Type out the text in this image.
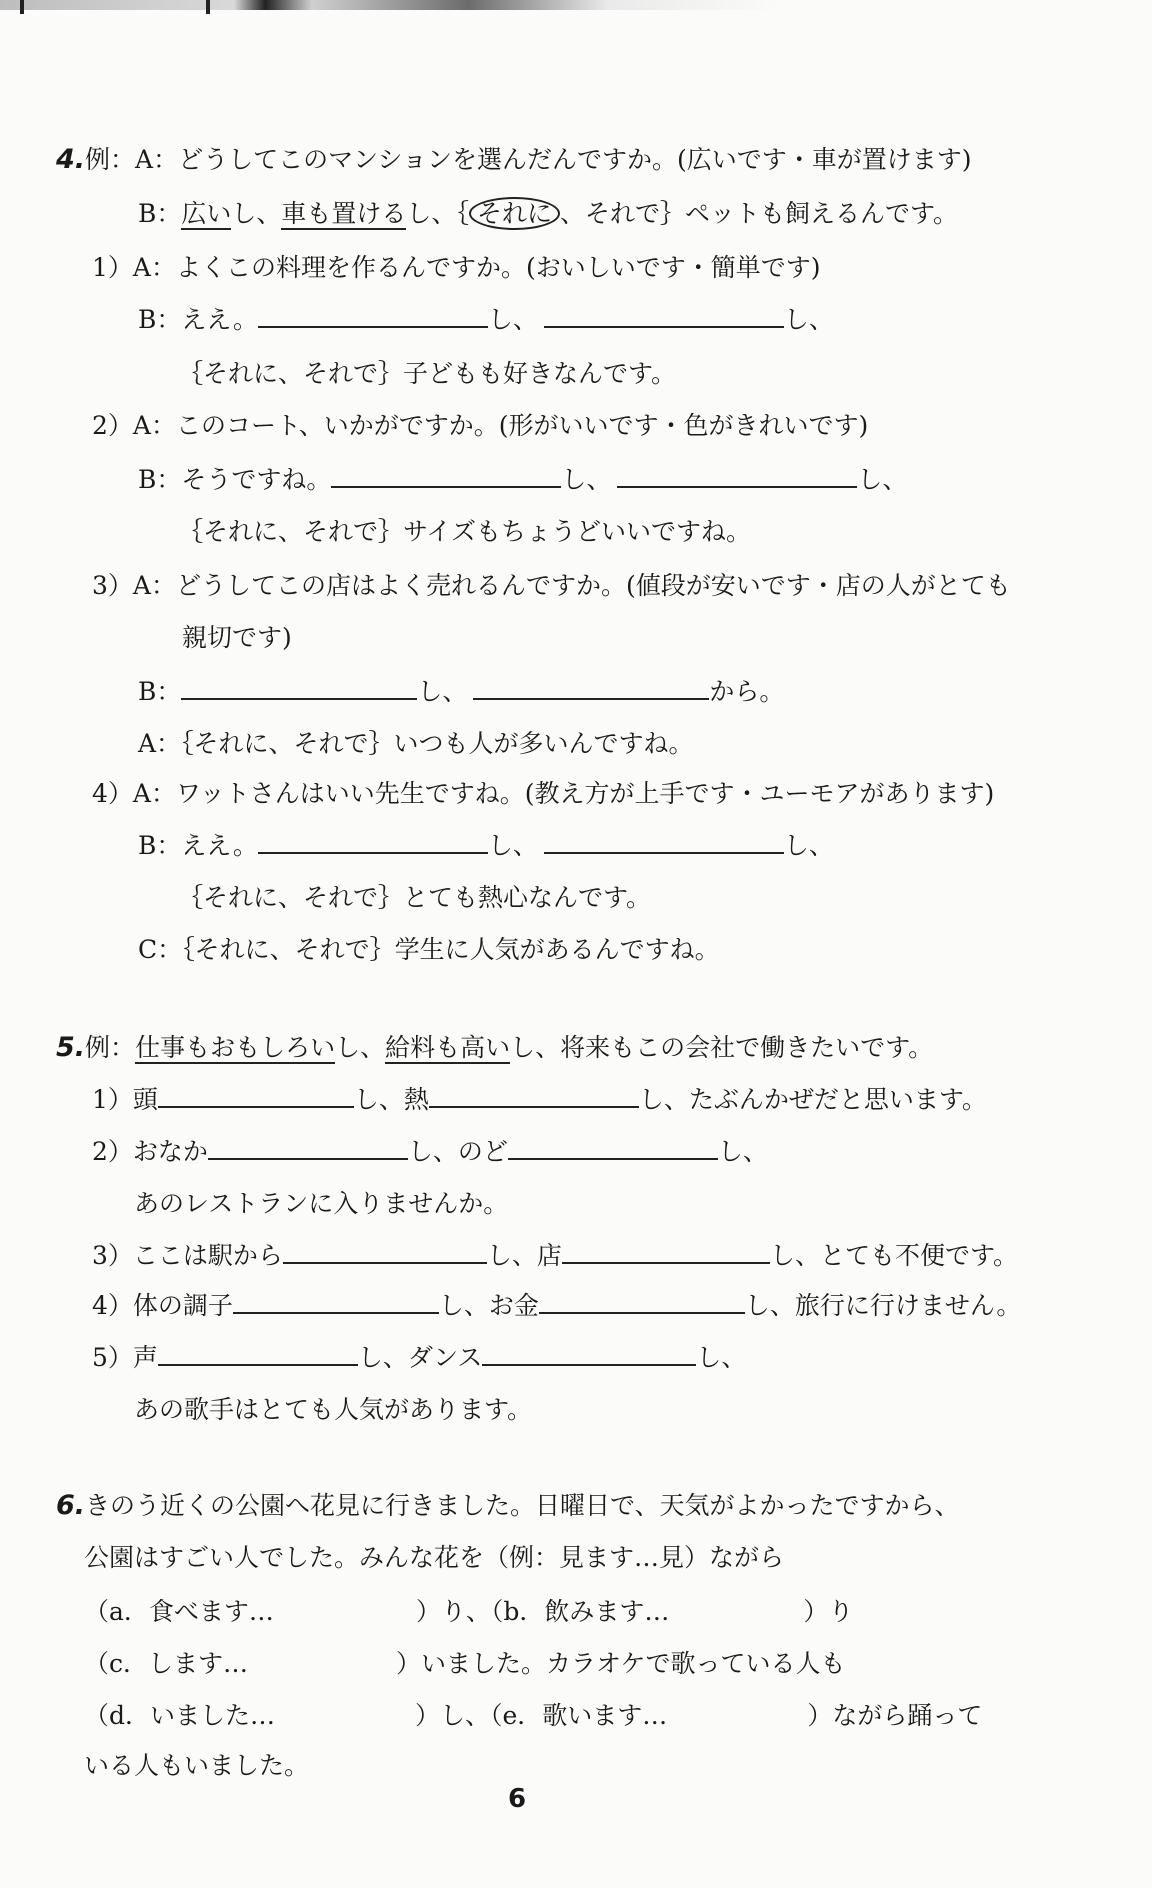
4.例：A：どうしてこのマンションを選んだんですか。(広いです・車が置けます)
B：広いし、車も置けるし、｛ それに 、それで｝ペットも飼えるんです。
1）A：よくこの料理を作るんですか。(おいしいです・簡単です)
B：ええ。	し、	し、
｛それに、それで｝子どもも好きなんです。
2）A：このコート、いかがですか。(形がいいです・色がきれいです)
B：そうですね。	し、	し、
｛それに、それで｝サイズもちょうどいいですね。
3）A：どうしてこの店はよく売れるんですか。(値段が安いです・店の人がとても
親切です)
B：	し、	から。
A：｛それに、それで｝いつも人が多いんですね。
4）A：ワットさんはいい先生ですね。(教え方が上手です・ユーモアがあります)
B：ええ。	し、	し、
｛それに、それで｝とても熱心なんです。
C：｛それに、それで｝学生に人気があるんですね。
5.例：仕事もおもしろいし、給料も高いし、将来もこの会社で働きたいです。
1）頭	し、熱	し、たぶんかぜだと思います。
2）おなか	し、のど	し、
あのレストランに入りませんか。
3）ここは駅から	し、店	し、とても不便です。
4）体の調子	し、お金	し、旅行に行けません。
5）声	し、ダンス	し、
あの歌手はとても人気があります。
6.きのう近くの公園へ花見に行きました。日曜日で、天気がよかったですから、
公園はすごい人でした。みんな花を（例：見ます…見）ながら
（a．食べます…	）り、（b．飲みます…	）り
（c．します…	）いました。カラオケで歌っている人も
（d．いました…	）し、（e．歌います…	）ながら踊って
いる人もいました。
6
